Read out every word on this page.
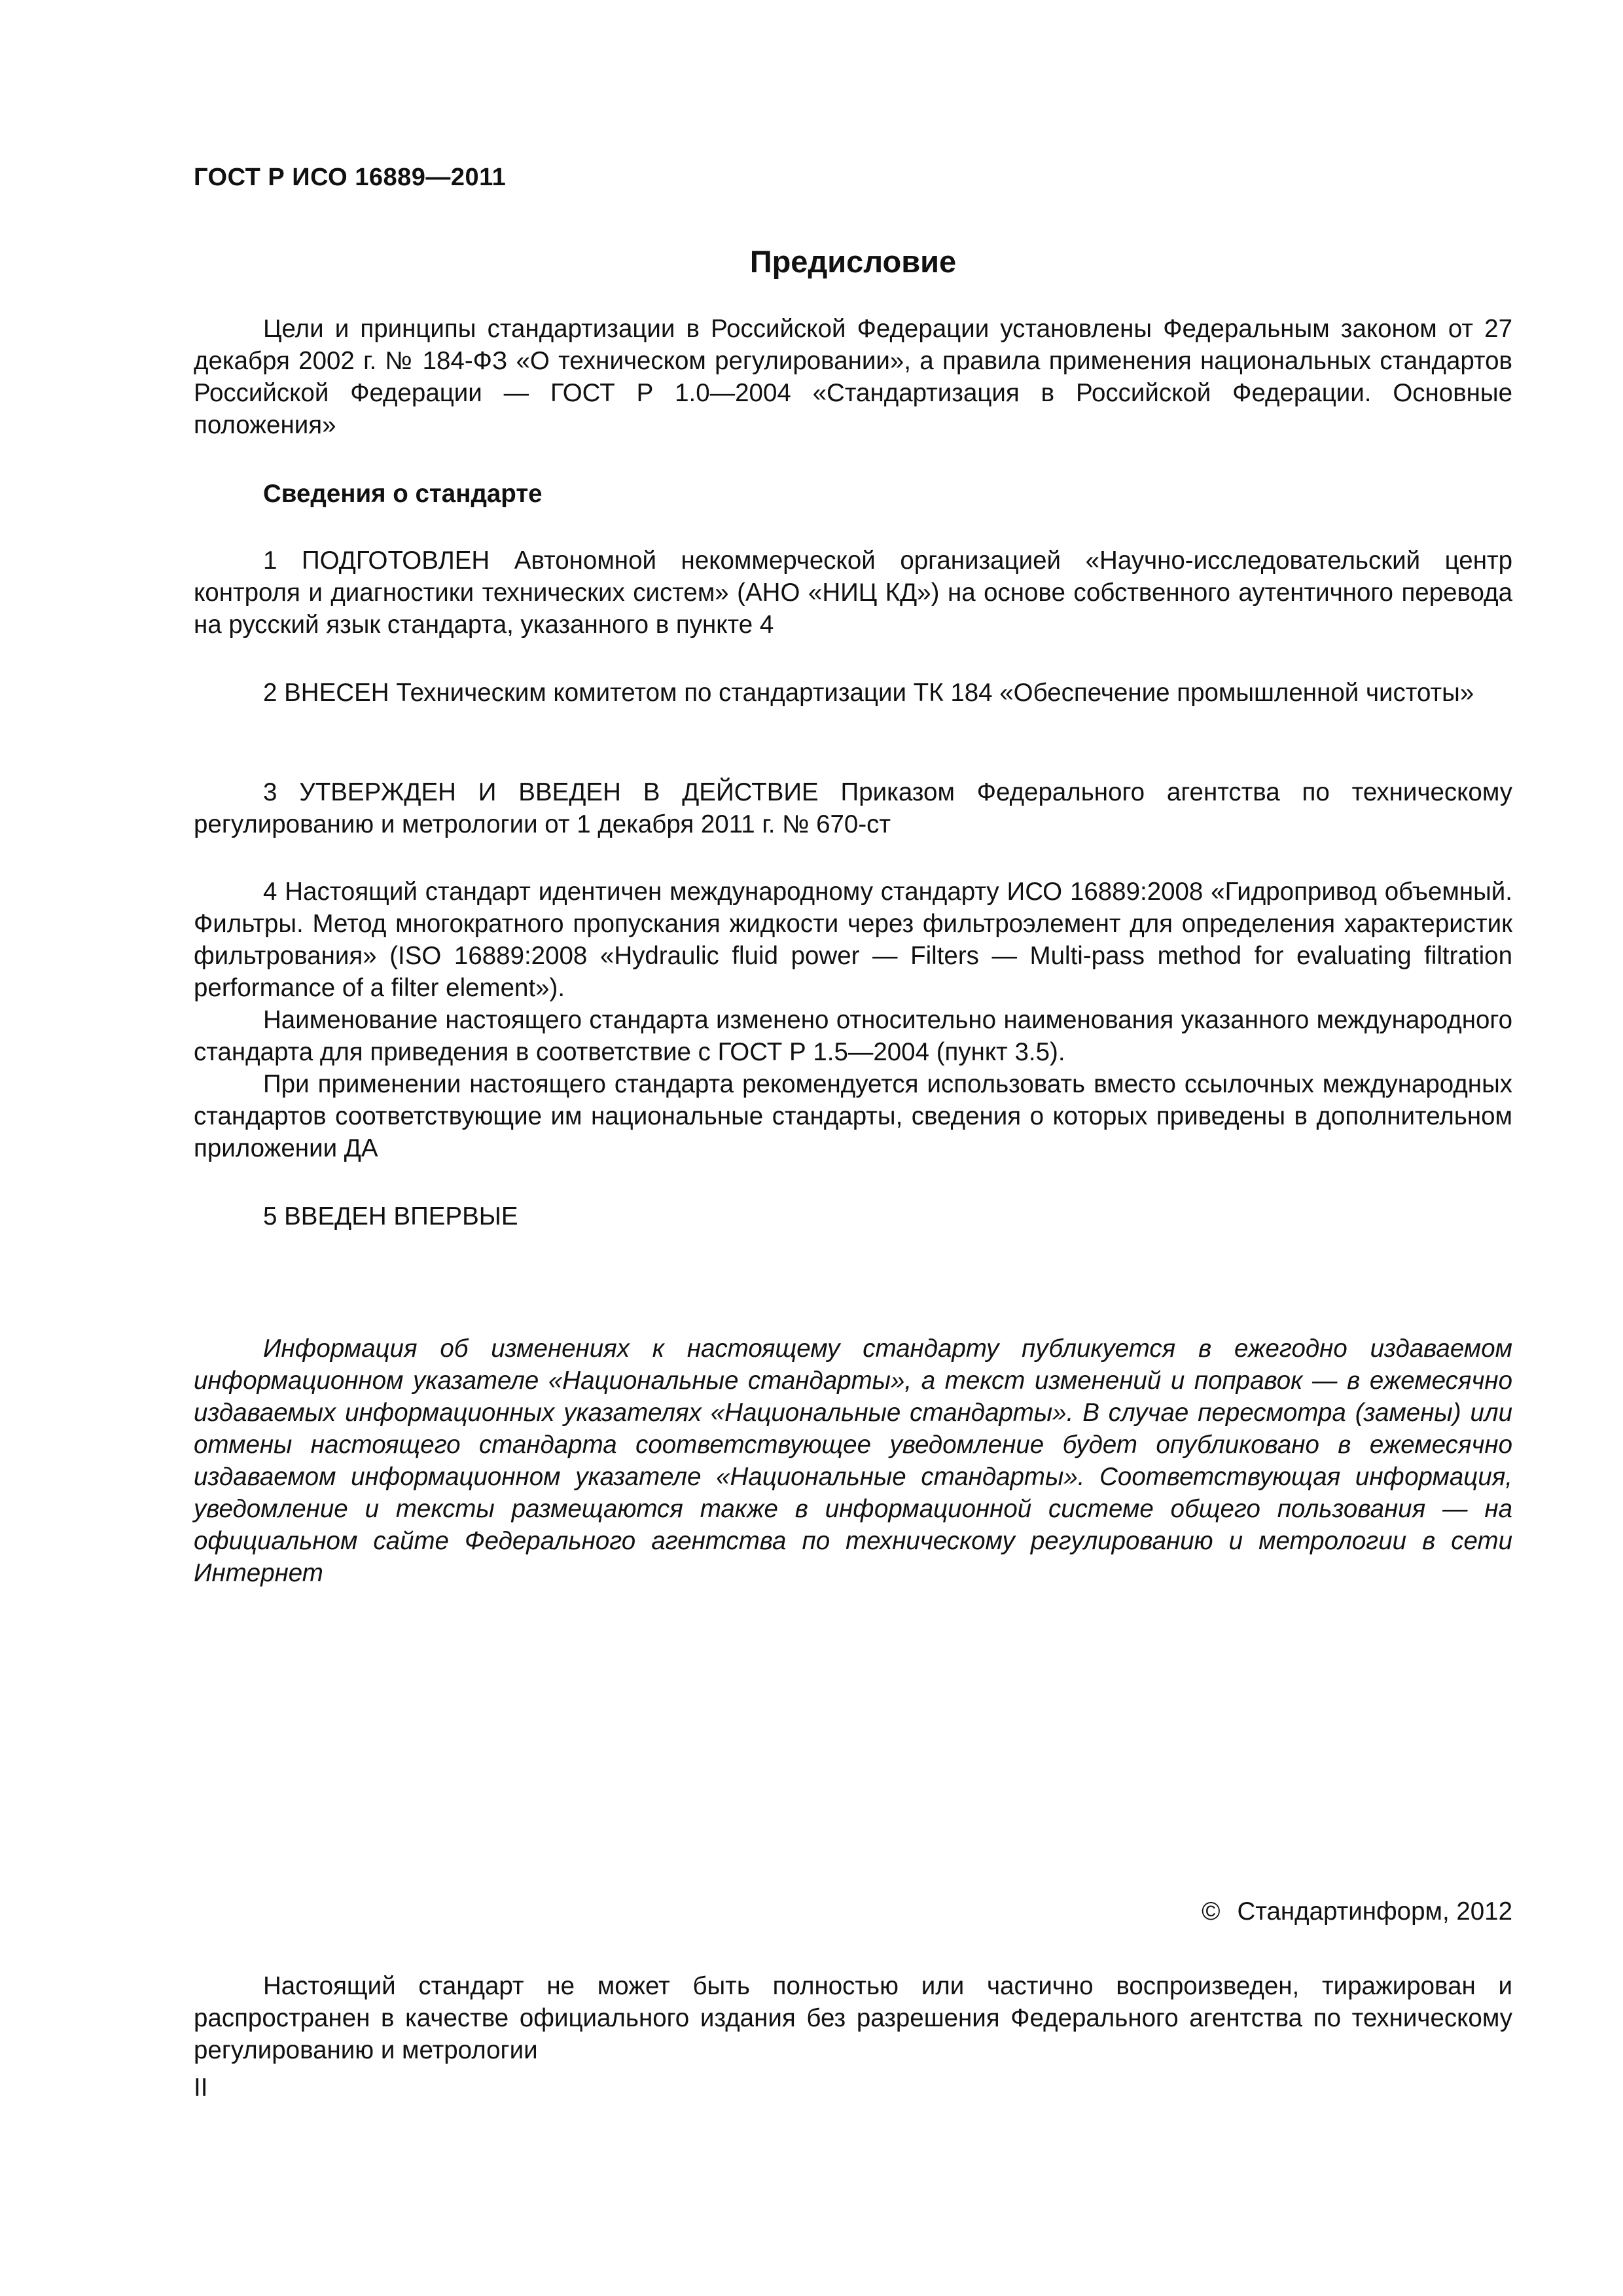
ГОСТ Р ИСО 16889—2011
Предисловие

Цели и принципы стандартизации в Российской Федерации установлены Федеральным законом от 27 декабря 2002 г. № 184-ФЗ «О техническом регулировании», а правила применения национальных стандартов Российской Федерации — ГОСТ Р 1.0—2004 «Стандартизация в Российской Федерации. Основные положения»

Сведения о стандарте

1 ПОДГОТОВЛЕН Автономной некоммерческой организацией «Научно-исследовательский центр контроля и диагностики технических систем» (АНО «НИЦ КД») на основе собственного аутентичного перевода на русский язык стандарта, указанного в пункте 4

2 ВНЕСЕН Техническим комитетом по стандартизации ТК 184 «Обеспечение промышленной чистоты»

3 УТВЕРЖДЕН И ВВЕДЕН В ДЕЙСТВИЕ Приказом Федерального агентства по техническому регулированию и метрологии от 1 декабря 2011 г. № 670-ст

4 Настоящий стандарт идентичен международному стандарту ИСО 16889:2008 «Гидропривод объемный. Фильтры. Метод многократного пропускания жидкости через фильтроэлемент для определения характеристик фильтрования» (ISO 16889:2008 «Hydraulic fluid power — Filters — Multi-pass method for evaluating filtration performance of a filter element»).

Наименование настоящего стандарта изменено относительно наименования указанного международного стандарта для приведения в соответствие с ГОСТ Р 1.5—2004 (пункт 3.5).

При применении настоящего стандарта рекомендуется использовать вместо ссылочных международных стандартов соответствующие им национальные стандарты, сведения о которых приведены в дополнительном приложении ДА

5 ВВЕДЕН ВПЕРВЫЕ

Информация об изменениях к настоящему стандарту публикуется в ежегодно издаваемом информационном указателе «Национальные стандарты», а текст изменений и поправок — в ежемесячно издаваемых информационных указателях «Национальные стандарты». В случае пересмотра (замены) или отмены настоящего стандарта соответствующее уведомление будет опубликовано в ежемесячно издаваемом информационном указателе «Национальные стандарты». Соответствующая информация, уведомление и тексты размещаются также в информационной системе общего пользования — на официальном сайте Федерального агентства по техническому регулированию и метрологии в сети Интернет

© Стандартинформ, 2012

Настоящий стандарт не может быть полностью или частично воспроизведен, тиражирован и распространен в качестве официального издания без разрешения Федерального агентства по техническому регулированию и метрологии

II
